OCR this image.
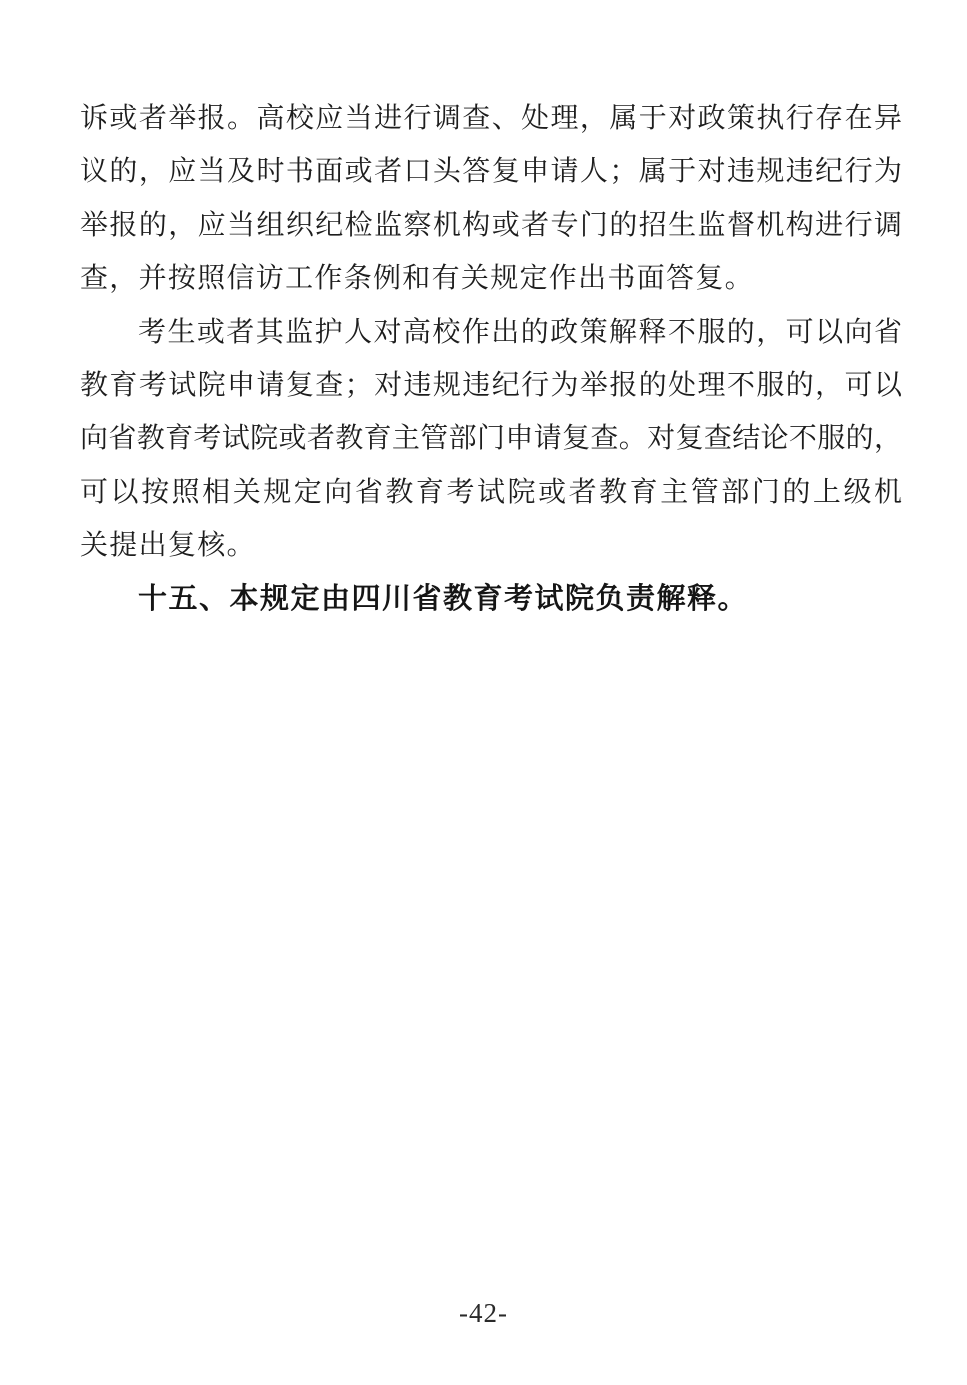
诉或者举报。高校应当进行调查、处理，属于对政策执行存在异
议的，应当及时书面或者口头答复申请人；属于对违规违纪行为
举报的，应当组织纪检监察机构或者专门的招生监督机构进行调
查，并按照信访工作条例和有关规定作出书面答复。
考生或者其监护人对高校作出的政策解释不服的，可以向省
教育考试院申请复查；对违规违纪行为举报的处理不服的，可以
向省教育考试院或者教育主管部门申请复查。对复查结论不服的，
可以按照相关规定向省教育考试院或者教育主管部门的上级机
关提出复核。
十五、本规定由四川省教育考试院负责解释。
-42-
